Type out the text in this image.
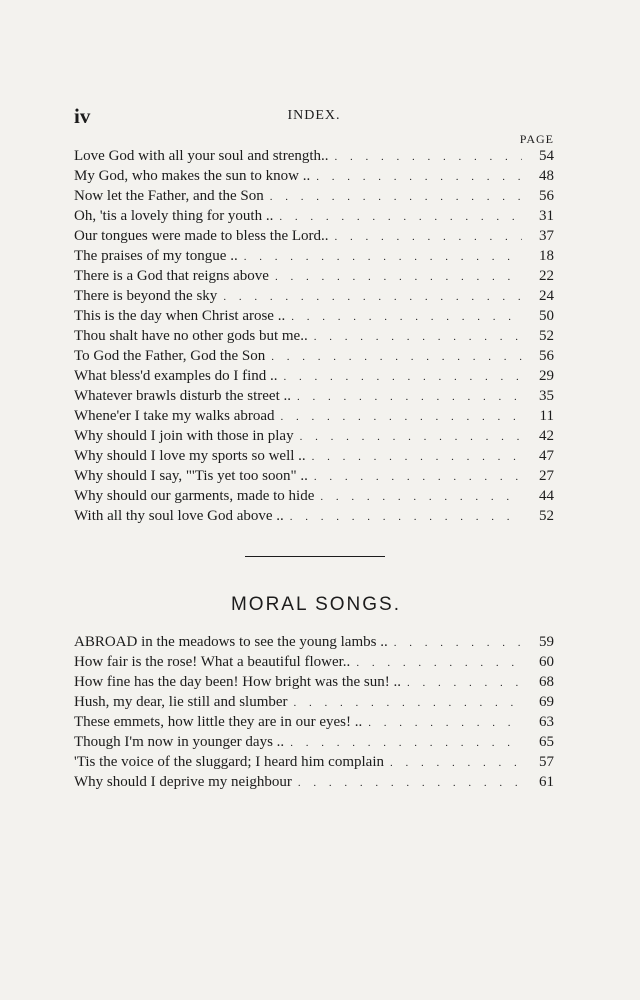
iv	INDEX.
PAGE
Love God with all your soul and strength.. . . .	54
My God, who makes the sun to know .. . . .	48
Now let the Father, and the Son . . .	56
Oh, 'tis a lovely thing for youth .. . . .	31
Our tongues were made to bless the Lord.. . . .	37
The praises of my tongue .. . . .	18
There is a God that reigns above . . .	22
There is beyond the sky . . .	24
This is the day when Christ arose .. . . .	50
Thou shalt have no other gods but me.. . . .	52
To God the Father, God the Son . . .	56
What bless'd examples do I find .. . . .	29
Whatever brawls disturb the street .. . . .	35
Whene'er I take my walks abroad . . .	11
Why should I join with those in play . . .	42
Why should I love my sports so well .. . . .	47
Why should I say, "'Tis yet too soon" .. . . .	27
Why should our garments, made to hide . . .	44
With all thy soul love God above .. . . .	52
MORAL SONGS.
ABROAD in the meadows to see the young lambs .. . . .	59
How fair is the rose! What a beautiful flower.. . . .	60
How fine has the day been! How bright was the sun! .. . . .	68
Hush, my dear, lie still and slumber . . .	69
These emmets, how little they are in our eyes! .. . . .	63
Though I'm now in younger days .. . . .	65
'Tis the voice of the sluggard; I heard him complain . . .	57
Why should I deprive my neighbour . . .	61
